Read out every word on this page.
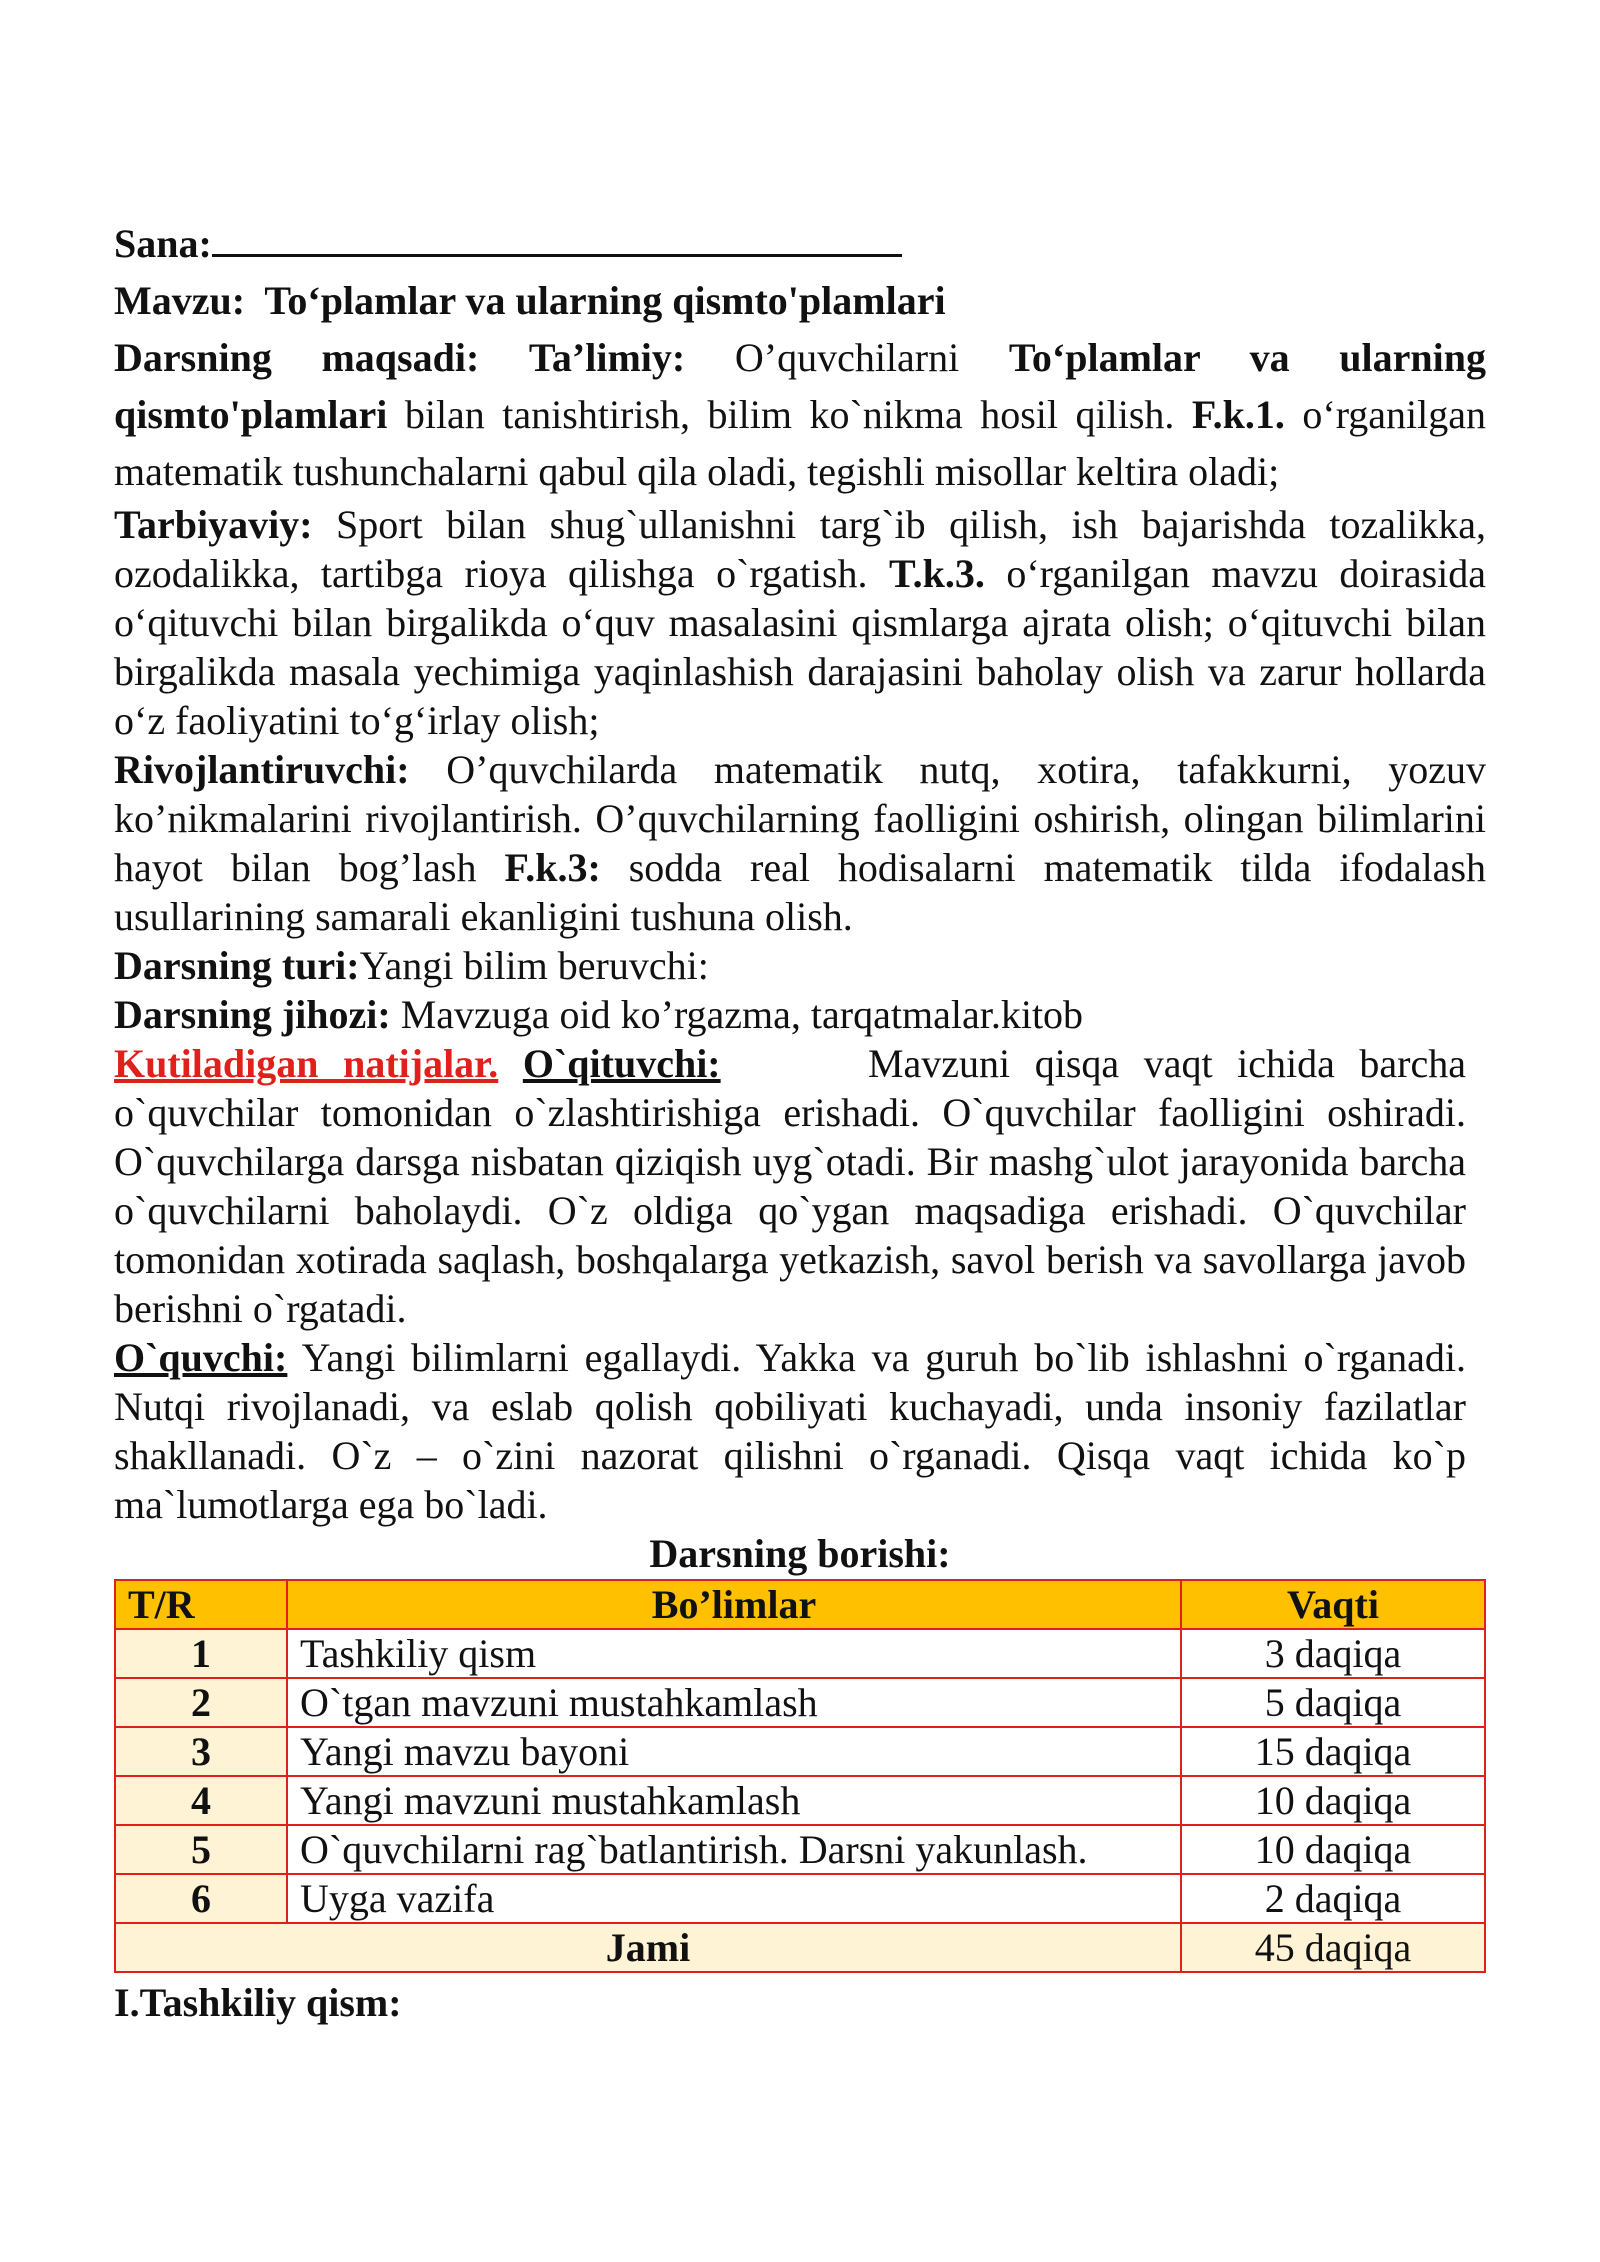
Sana:

Mavzu: To‘plamlar va ularning qismto'plamlari

Darsning maqsadi: Ta’limiy: O’quvchilarni To‘plamlar va ularning qismto'plamlari bilan tanishtirish, bilim ko`nikma hosil qilish. F.k.1. o‘rganilgan matematik tushunchalarni qabul qila oladi, tegishli misollar keltira oladi;

Tarbiyaviy: Sport bilan shug`ullanishni targ`ib qilish, ish bajarishda tozalikka, ozodalikka, tartibga rioya qilishga o`rgatish. T.k.3. o‘rganilgan mavzu doirasida o‘qituvchi bilan birgalikda o‘quv masalasini qismlarga ajrata olish; o‘qituvchi bilan birgalikda masala yechimiga yaqinlashish darajasini baholay olish va zarur hollarda o‘z faoliyatini to‘g‘irlay olish;

Rivojlantiruvchi: O’quvchilarda matematik nutq, xotira, tafakkurni, yozuv ko’nikmalarini rivojlantirish. O’quvchilarning faolligini oshirish, olingan bilimlarini hayot bilan bog’lash F.k.3: sodda real hodisalarni matematik tilda ifodalash usullarining samarali ekanligini tushuna olish.

Darsning turi:Yangi bilim beruvchi:

Darsning jihozi: Mavzuga oid ko’rgazma, tarqatmalar.kitob

Kutiladigan natijalar. O`qituvchi:	Mavzuni qisqa vaqt ichida barcha o`quvchilar tomonidan o`zlashtirishiga erishadi. O`quvchilar faolligini oshiradi. O`quvchilarga darsga nisbatan qiziqish uyg`otadi. Bir mashg`ulot jarayonida barcha o`quvchilarni baholaydi. O`z oldiga qo`ygan maqsadiga erishadi. O`quvchilar tomonidan xotirada saqlash, boshqalarga yetkazish, savol berish va savollarga javob berishni o`rgatadi.

O`quvchi: Yangi bilimlarni egallaydi. Yakka va guruh bo`lib ishlashni o`rganadi. Nutqi rivojlanadi, va eslab qolish qobiliyati kuchayadi, unda insoniy fazilatlar shakllanadi. O`z – o`zini nazorat qilishni o`rganadi. Qisqa vaqt ichida ko`p ma`lumotlarga ega bo`ladi.

Darsning borishi:

T/R	Bo’limlar	Vaqti
1	Tashkiliy qism	3 daqiqa
2	O`tgan mavzuni mustahkamlash	5 daqiqa
3	Yangi mavzu bayoni	15 daqiqa
4	Yangi mavzuni mustahkamlash	10 daqiqa
5	O`quvchilarni rag`batlantirish. Darsni yakunlash.	10 daqiqa
6	Uyga vazifa	2 daqiqa
Jami		45 daqiqa

I.Tashkiliy qism:
